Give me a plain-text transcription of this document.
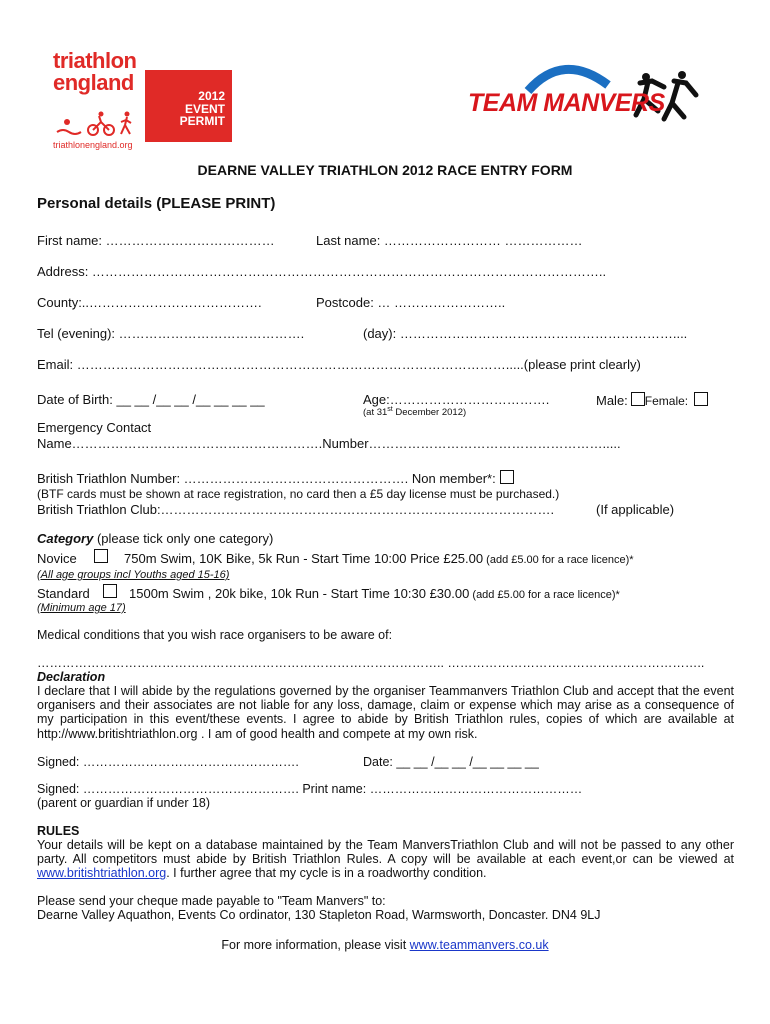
triathlon
england
triathlonengland.org
2012
EVENT
PERMIT
TEAM MANVERS
DEARNE VALLEY TRIATHLON 2012 RACE ENTRY FORM
Personal details (PLEASE PRINT)
First name: …………………………………	Last name: ……………………… ………………
Address: ………………………………………………………………………………………………………..
County:..………………………………….	Postcode: … ……………………..
Tel (evening): …………………………………….	(day): ………………………………………………………....
Email: ……………………………………………………………………………………….....(please print clearly)
Date of Birth: __ __ /__ __ /__ __ __ __	Age:……………………………….
(at 31st December 2012)
Male: Female:
Emergency Contact
Name………………………………………………….Number……………………………………………….....
British Triathlon Number: ……………………………………………. Non member*:
(BTF cards must be shown at race registration, no card then a £5 day license must be purchased.)
British Triathlon Club:……………………………………………………………………………….	(If applicable)
Category (please tick only one category)
Novice	750m Swim, 10K Bike, 5k Run - Start Time 10:00 Price £25.00 (add £5.00 for a race licence)*
(All age groups incl Youths aged 15-16)
Standard	1500m Swim , 20k bike, 10k Run - Start Time 10:30 £30.00 (add £5.00 for a race licence)*
(Minimum age 17)
Medical conditions that you wish race organisers to be aware of:
…………………………………………………………………………………….. ……………………………………………………..
Declaration
I declare that I will abide by the regulations governed by the organiser Teammanvers Triathlon Club and accept that the event organisers and their associates are not liable for any loss, damage, claim or expense which may arise as a consequence of my participation in this event/these events. I agree to abide by British Triathlon rules, copies of which are available at http://www.britishtriathlon.org . I am of good health and compete at my own risk.
Signed: …………………………………………….	Date: __ __ /__ __ /__ __ __ __
Signed: ……………………………………………. Print name: ……………………………………………
(parent or guardian if under 18)
RULES
Your details will be kept on a database maintained by the Team ManversTriathlon Club and will not be passed to any other party. All competitors must abide by British Triathlon Rules. A copy will be available at each event,or can be viewed at www.britishtriathlon.org. I further agree that my cycle is in a roadworthy condition.
Please send your cheque made payable to "Team Manvers" to:
Dearne Valley Aquathon, Events Co ordinator, 130 Stapleton Road, Warmsworth, Doncaster. DN4 9LJ
For more information, please visit www.teammanvers.co.uk
